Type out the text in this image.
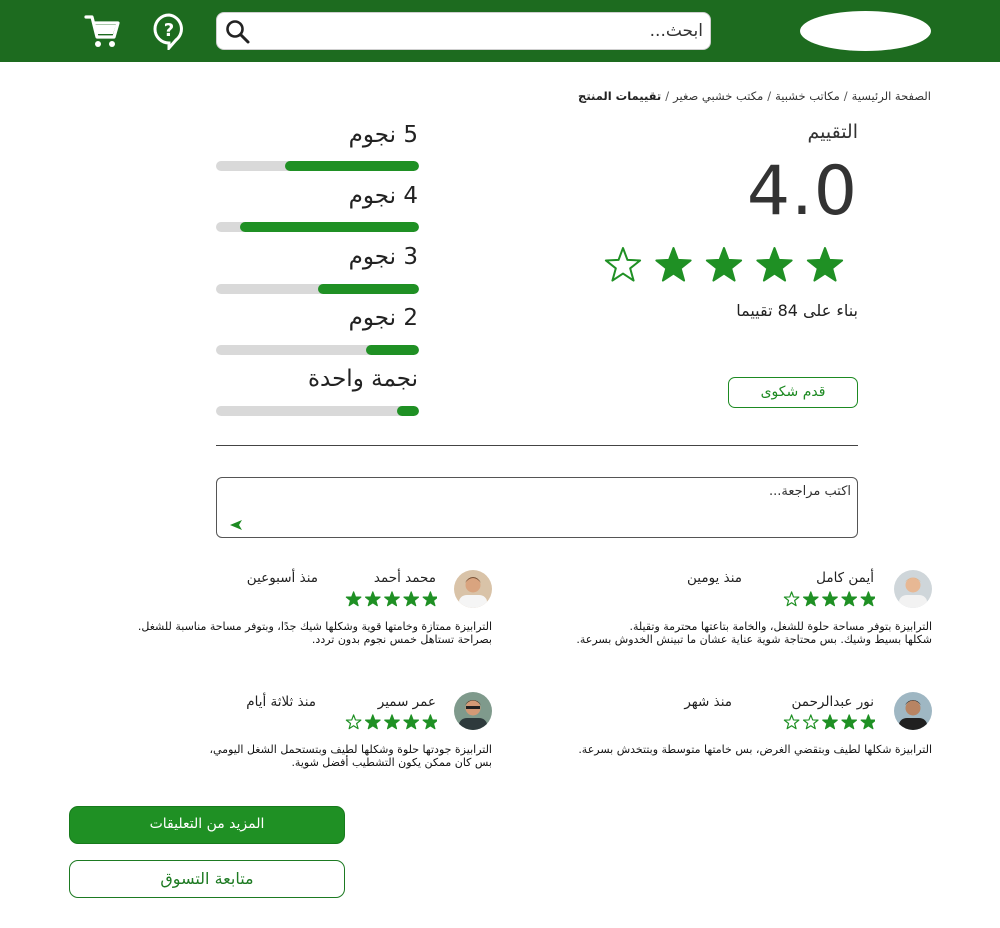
?
ابحث...
الصفحة الرئيسية/مكاتب خشبية/مكتب خشبي صغير/تقييمات المنتج
التقييم
4.0
بناء على 84 تقييما
قدم شكوى
5 نجوم
4 نجوم
3 نجوم
2 نجوم
نجمة واحدة
اكتب مراجعة...
أيمن كامل
منذ يومين
الترابيزة بتوفر مساحة حلوة للشغل، والخامة بتاعتها محترمة وتقيلة.
شكلها بسيط وشيك. بس محتاجة شوية عناية عشان ما تبينش الخدوش بسرعة.
محمد أحمد
منذ أسبوعين
الترابيزة ممتازة وخامتها قوية وشكلها شيك جدًا، وبتوفر مساحة مناسبة للشغل.
بصراحة تستاهل خمس نجوم بدون تردد.
نور عبدالرحمن
منذ شهر
الترابيزة شكلها لطيف وبتقضي الغرض، بس خامتها متوسطة وبتتخدش بسرعة.
عمر سمير
منذ ثلاثة أيام
الترابيزة جودتها حلوة وشكلها لطيف وبتستحمل الشغل اليومي،
بس كان ممكن يكون التشطيب أفضل شوية.
المزيد من التعليقات
متابعة التسوق
